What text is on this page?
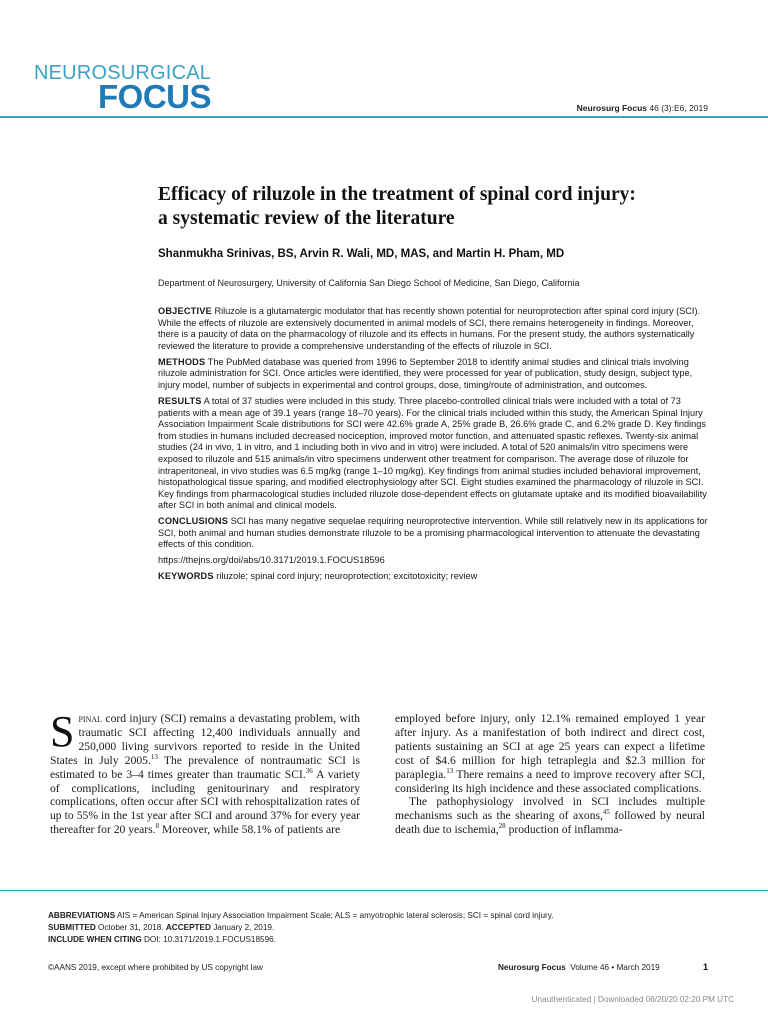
NEUROSURGICAL
FOCUS	Neurosurg Focus 46 (3):E6, 2019
Efficacy of riluzole in the treatment of spinal cord injury:
a systematic review of the literature
Shanmukha Srinivas, BS, Arvin R. Wali, MD, MAS, and Martin H. Pham, MD
Department of Neurosurgery, University of California San Diego School of Medicine, San Diego, California

OBJECTIVE Riluzole is a glutamatergic modulator that has recently shown potential for neuroprotection after spinal cord injury (SCI). While the effects of riluzole are extensively documented in animal models of SCI, there remains heterogeneity in findings. Moreover, there is a paucity of data on the pharmacology of riluzole and its effects in humans. For the present study, the authors systematically reviewed the literature to provide a comprehensive understanding of the effects of riluzole in SCI.

METHODS The PubMed database was queried from 1996 to September 2018 to identify animal studies and clinical trials involving riluzole administration for SCI. Once articles were identified, they were processed for year of publication, study design, subject type, injury model, number of subjects in experimental and control groups, dose, timing/route of administration, and outcomes.

RESULTS A total of 37 studies were included in this study. Three placebo-controlled clinical trials were included with a total of 73 patients with a mean age of 39.1 years (range 18–70 years). For the clinical trials included within this study, the American Spinal Injury Association Impairment Scale distributions for SCI were 42.6% grade A, 25% grade B, 26.6% grade C, and 6.2% grade D. Key findings from studies in humans included decreased nociception, improved motor function, and attenuated spastic reflexes. Twenty-six animal studies (24 in vivo, 1 in vitro, and 1 including both in vivo and in vitro) were included. A total of 520 animals/in vitro specimens were exposed to riluzole and 515 animals/in vitro specimens underwent other treatment for comparison. The average dose of riluzole for intraperitoneal, in vivo studies was 6.5 mg/kg (range 1–10 mg/kg). Key findings from animal studies included behavioral improvement, histopathological tissue sparing, and modified electrophysiology after SCI. Eight studies examined the pharmacology of riluzole in SCI. Key findings from pharmacological studies included riluzole dose-dependent effects on glutamate uptake and its modified bioavailability after SCI in both animal and clinical models.

CONCLUSIONS SCI has many negative sequelae requiring neuroprotective intervention. While still relatively new in its applications for SCI, both animal and human studies demonstrate riluzole to be a promising pharmacological intervention to attenuate the devastating effects of this condition.

https://thejns.org/doi/abs/10.3171/2019.1.FOCUS18596

KEYWORDS riluzole; spinal cord injury; neuroprotection; excitotoxicity; review

Spinal cord injury (SCI) remains a devastating problem, with traumatic SCI affecting 12,400 individuals annually and 250,000 living survivors reported to reside in the United States in July 2005.13 The prevalence of nontraumatic SCI is estimated to be 3–4 times greater than traumatic SCI.$^{36}$ A variety of complications, including genitourinary and respiratory complications, often occur after SCI with rehospitalization rates of up to 55% in the 1st year after SCI and around 37% for every year thereafter for 20 years.$^8$ Moreover, while 58.1% of patients are

employed before injury, only 12.1% remained employed 1 year after injury. As a manifestation of both indirect and direct cost, patients sustaining an SCI at age 25 years can expect a lifetime cost of $4.6 million for high tetraplegia and $2.3 million for paraplegia.$^{13}$ There remains a need to improve recovery after SCI, considering its high incidence and these associated complications.

The pathophysiology involved in SCI includes multiple mechanisms such as the shearing of axons,$^{45}$ followed by neural death due to ischemia,$^{28}$ production of inflamma-

ABBREVIATIONS AIS = American Spinal Injury Association Impairment Scale; ALS = amyotrophic lateral sclerosis; SCI = spinal cord injury.
SUBMITTED October 31, 2018. ACCEPTED January 2, 2019.
INCLUDE WHEN CITING DOI: 10.3171/2019.1.FOCUS18596.
©AANS 2019, except where prohibited by US copyright law	Neurosurg Focus Volume 46 • March 2019	1
Unauthenticated | Downloaded 06/20/20 02:20 PM UTC
